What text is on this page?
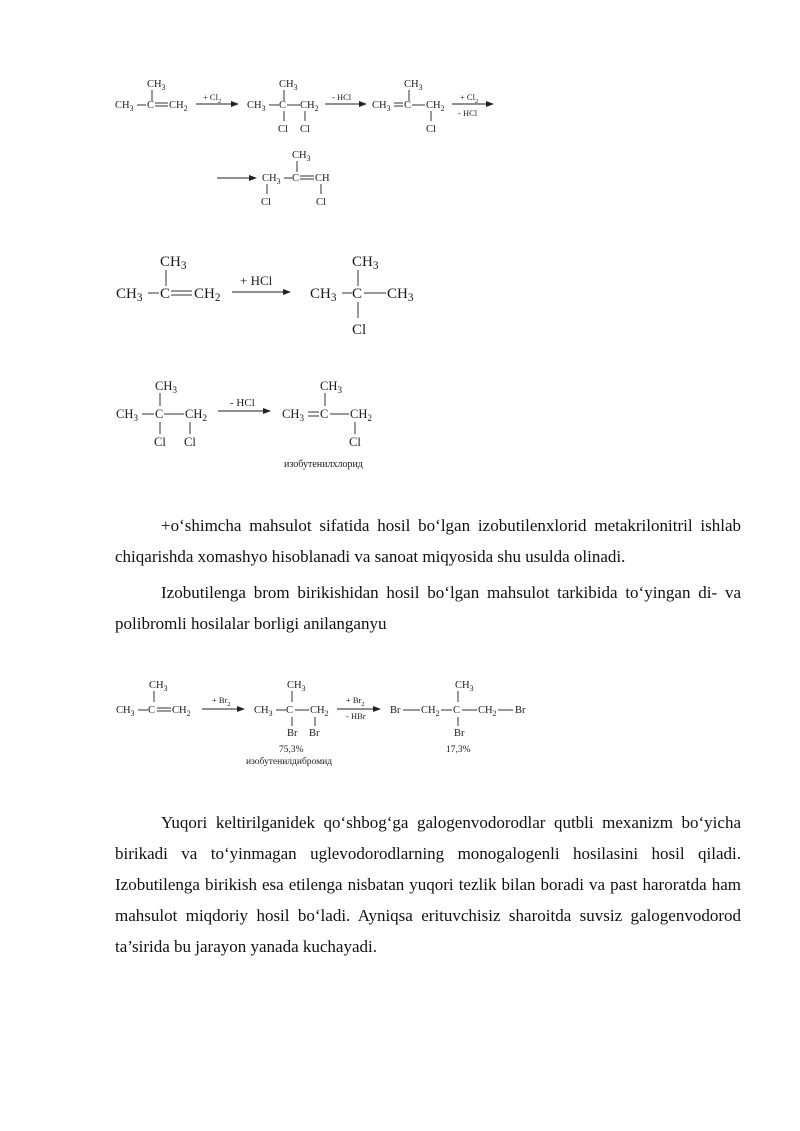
$CH_3$
$CH_3$ C $CH_2$
+ $Cl_2$
$CH_3$
$CH_3$ C $CH_2$
Cl Cl
- HCl
$CH_3$
$CH_3$ C $CH_2$
Cl
+ $Cl_2$
- HCl
$CH_3$
$CH_3$ C CH
Cl	Cl
$CH_3$
$CH_3$ C $CH_2$
+ HCl
$CH_3$
$CH_3$ C $CH_3$
Cl
$CH_3$
$CH_3$ C $CH_2$
Cl Cl
- HCl
$CH_3$
$CH_3$ C $CH_2$
Cl
изобутенилхлорид

+o‘shimcha mahsulot sifatida hosil bo‘lgan izobutilenxlorid metakrilonitril ishlab chiqarishda xomashyo hisoblanadi va sanoat miqyosida shu usulda olinadi.

Izobutilenga brom birikishidan hosil bo‘lgan mahsulot tarkibida to‘yingan di- va polibromli hosilalar borligi anilanganyu

$CH_3$
$CH_3$ C $CH_2$
+ $Br_2$
$CH_3$
$CH_3$ C $CH_2$
Br Br
75,3%
изобутенилдибромид
+ $Br_2$
- HBr Br $CH_2$ C
$CH_3$
$CH_2$ Br
Br
17,3%

Yuqori keltirilganidek qo‘shbog‘ga galogenvodorodlar qutbli mexanizm bo‘yicha birikadi va to‘yinmagan uglevodorodlarning monogalogenli hosilasini hosil qiladi. Izobutilenga birikish esa etilenga nisbatan yuqori tezlik bilan boradi va past haroratda ham mahsulot miqdoriy hosil bo‘ladi. Ayniqsa erituvchisiz sharoitda suvsiz galogenvodorod ta’sirida bu jarayon yanada kuchayadi.
